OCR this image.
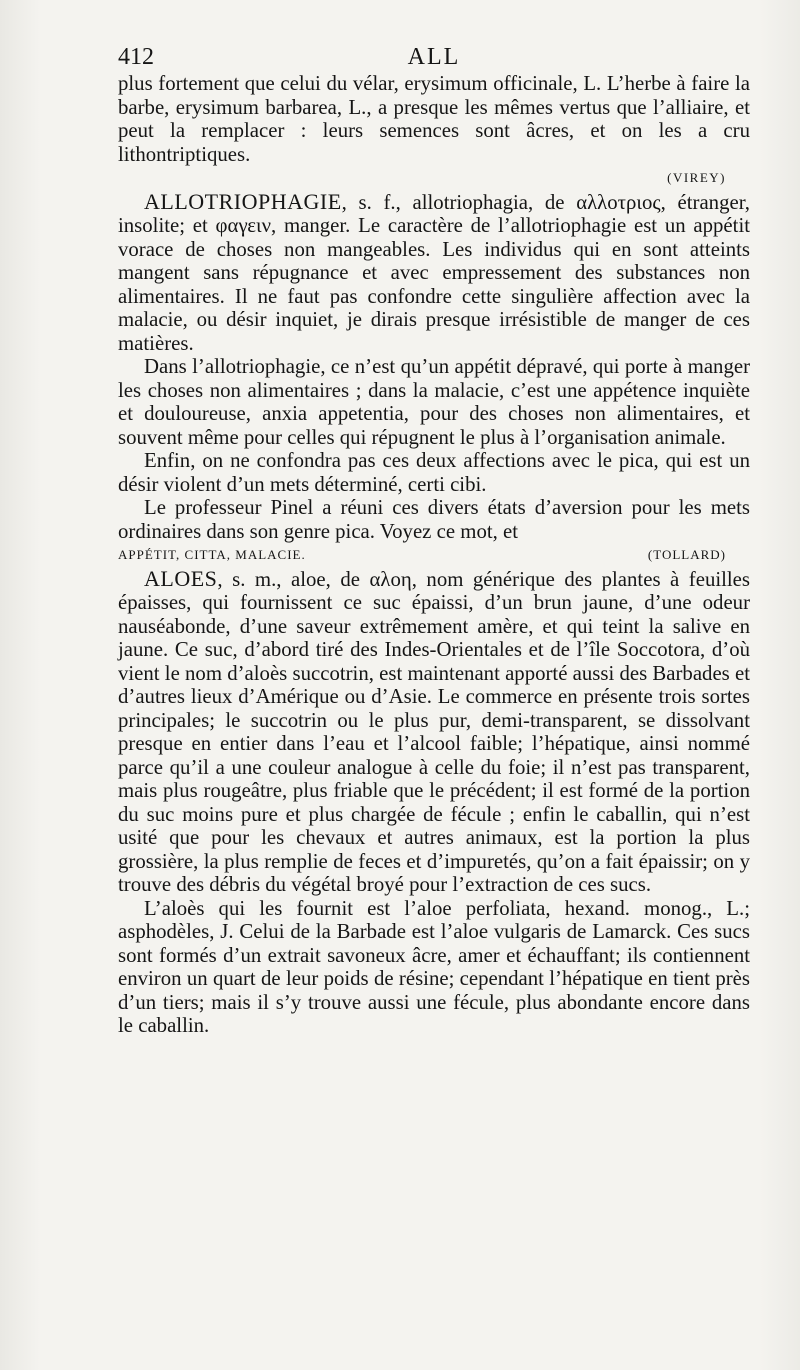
412	ALL

plus fortement que celui du vélar, erysimum officinale, L. L’herbe à faire la barbe, erysimum barbarea, L., a presque les mêmes vertus que l’alliaire, et peut la remplacer : leurs semences sont âcres, et on les a cru lithontriptiques.

(VIREY)

ALLOTRIOPHAGIE, s. f., allotriophagia, de αλλοτριος, étranger, insolite; et φαγειν, manger. Le caractère de l’allotriophagie est un appétit vorace de choses non mangeables. Les individus qui en sont atteints mangent sans répugnance et avec empressement des substances non alimentaires. Il ne faut pas confondre cette singulière affection avec la malacie, ou désir inquiet, je dirais presque irrésistible de manger de ces matières.

Dans l’allotriophagie, ce n’est qu’un appétit dépravé, qui porte à manger les choses non alimentaires ; dans la malacie, c’est une appétence inquiète et douloureuse, anxia appetentia, pour des choses non alimentaires, et souvent même pour celles qui répugnent le plus à l’organisation animale.

Enfin, on ne confondra pas ces deux affections avec le pica, qui est un désir violent d’un mets déterminé, certi cibi.

Le professeur Pinel a réuni ces divers états d’aversion pour les mets ordinaires dans son genre pica. Voyez ce mot, et

APPÉTIT, CITTA, MALACIE.	(TOLLARD)

ALOES, s. m., aloe, de αλοη, nom générique des plantes à feuilles épaisses, qui fournissent ce suc épaissi, d’un brun jaune, d’une odeur nauséabonde, d’une saveur extrêmement amère, et qui teint la salive en jaune. Ce suc, d’abord tiré des Indes-Orientales et de l’île Soccotora, d’où vient le nom d’aloès succotrin, est maintenant apporté aussi des Barbades et d’autres lieux d’Amérique ou d’Asie. Le commerce en présente trois sortes principales; le succotrin ou le plus pur, demi-transparent, se dissolvant presque en entier dans l’eau et l’alcool faible; l’hépatique, ainsi nommé parce qu’il a une couleur analogue à celle du foie; il n’est pas transparent, mais plus rougeâtre, plus friable que le précédent; il est formé de la portion du suc moins pure et plus chargée de fécule ; enfin le caballin, qui n’est usité que pour les chevaux et autres animaux, est la portion la plus grossière, la plus remplie de feces et d’impuretés, qu’on a fait épaissir; on y trouve des débris du végétal broyé pour l’extraction de ces sucs.

L’aloès qui les fournit est l’aloe perfoliata, hexand. monog., L.; asphodèles, J. Celui de la Barbade est l’aloe vulgaris de Lamarck. Ces sucs sont formés d’un extrait savoneux âcre, amer et échauffant; ils contiennent environ un quart de leur poids de résine; cependant l’hépatique en tient près d’un tiers; mais il s’y trouve aussi une fécule, plus abondante encore dans le caballin.
